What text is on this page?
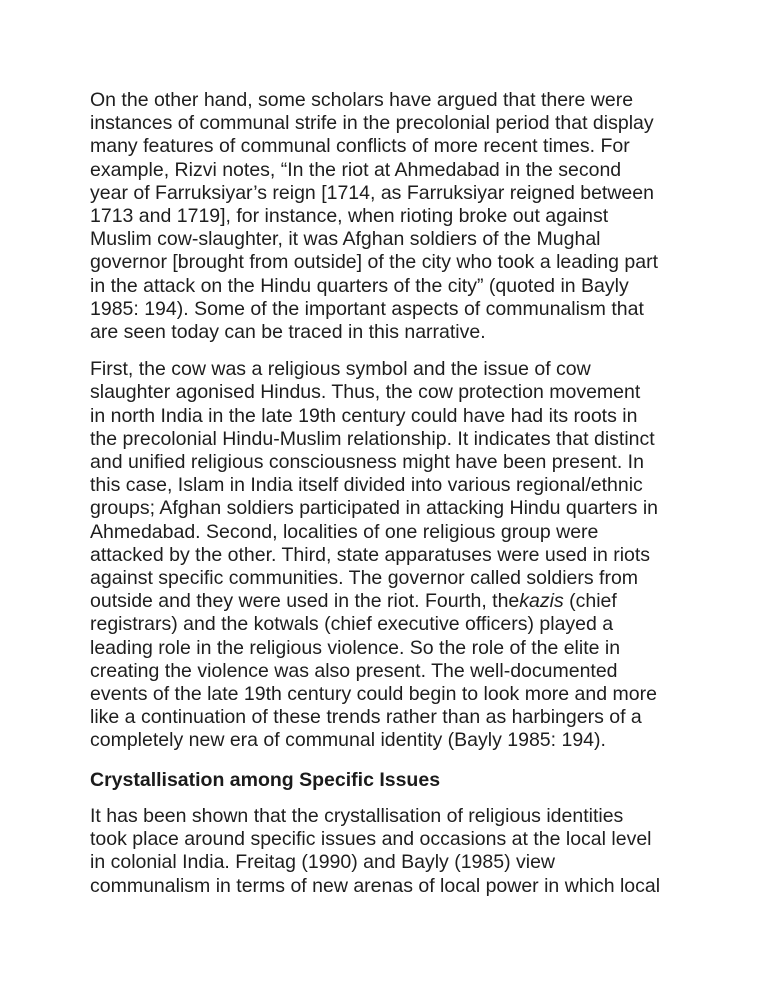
On the other hand, some scholars have argued that there were
instances of communal strife in the precolonial period that display
many features of communal conflicts of more recent times. For
example, Rizvi notes, “In the riot at Ahmedabad in the second
year of Farruksiyar’s reign [1714, as Farruksiyar reigned between
1713 and 1719], for instance, when rioting broke out against
Muslim cow-slaughter, it was Afghan soldiers of the Mughal
governor [brought from outside] of the city who took a leading part
in the attack on the Hindu quarters of the city” (quoted in Bayly
1985: 194). Some of the important aspects of communalism that
are seen today can be traced in this narrative.

First, the cow was a religious symbol and the issue of cow
slaughter agonised Hindus. Thus, the cow protection movement
in north India in the late 19th century could have had its roots in
the precolonial Hindu-Muslim relationship. It indicates that distinct
and unified religious consciousness might have been present. In
this case, Islam in India itself divided into various regional/ethnic
groups; Afghan soldiers participated in attacking Hindu quarters in
Ahmedabad. Second, localities of one religious group were
attacked by the other. Third, state apparatuses were used in riots
against specific communities. The governor called soldiers from
outside and they were used in the riot. Fourth, thekazis (chief
registrars) and the kotwals (chief executive officers) played a
leading role in the religious violence. So the role of the elite in
creating the violence was also present. The well-documented
events of the late 19th century could begin to look more and more
like a continuation of these trends rather than as harbingers of a
completely new era of communal identity (Bayly 1985: 194).

Crystallisation among Specific Issues

It has been shown that the crystallisation of religious identities
took place around specific issues and occasions at the local level
in colonial India. Freitag (1990) and Bayly (1985) view
communalism in terms of new arenas of local power in which local
